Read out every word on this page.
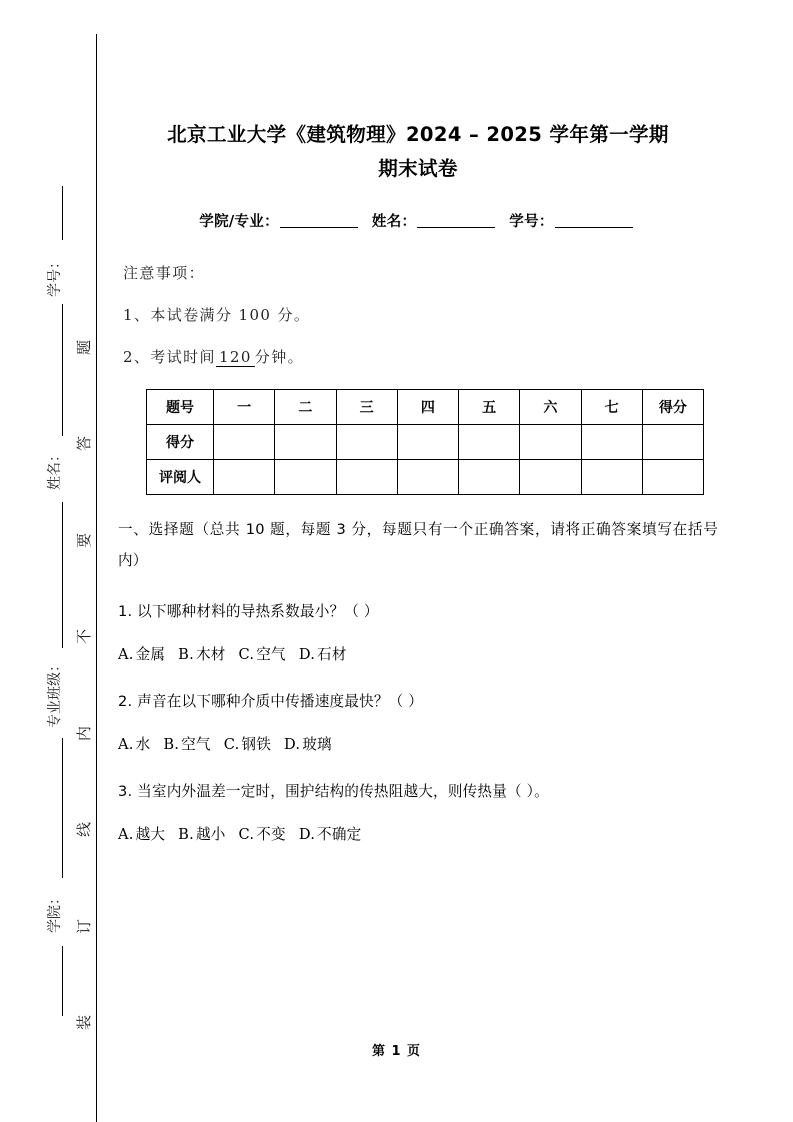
题
答
要
不
内
线
订
装
学号：
姓名：
专业班级：
学院：
北京工业大学《建筑物理》2024 – 2025 学年第一学期
期末试卷
学院/专业：	姓名：	学号：

注意事项：

1、本试卷满分 100 分。

2、考试时间 120 分钟。

题号	一	二	三	四	五	六	七	得分
得分								
评阅人								

一、选择题（总共 10 题，每题 3 分，每题只有一个正确答案，请将正确答案填写在括号内）

1. 以下哪种材料的导热系数最小？（ ）

A. 金属 B. 木材 C. 空气 D. 石材

2. 声音在以下哪种介质中传播速度最快？（ ）

A. 水 B. 空气 C. 钢铁 D. 玻璃

3. 当室内外温差一定时，围护结构的传热阻越大，则传热量（ ）。

A. 越大 B. 越小 C. 不变 D. 不确定

第 1 页
